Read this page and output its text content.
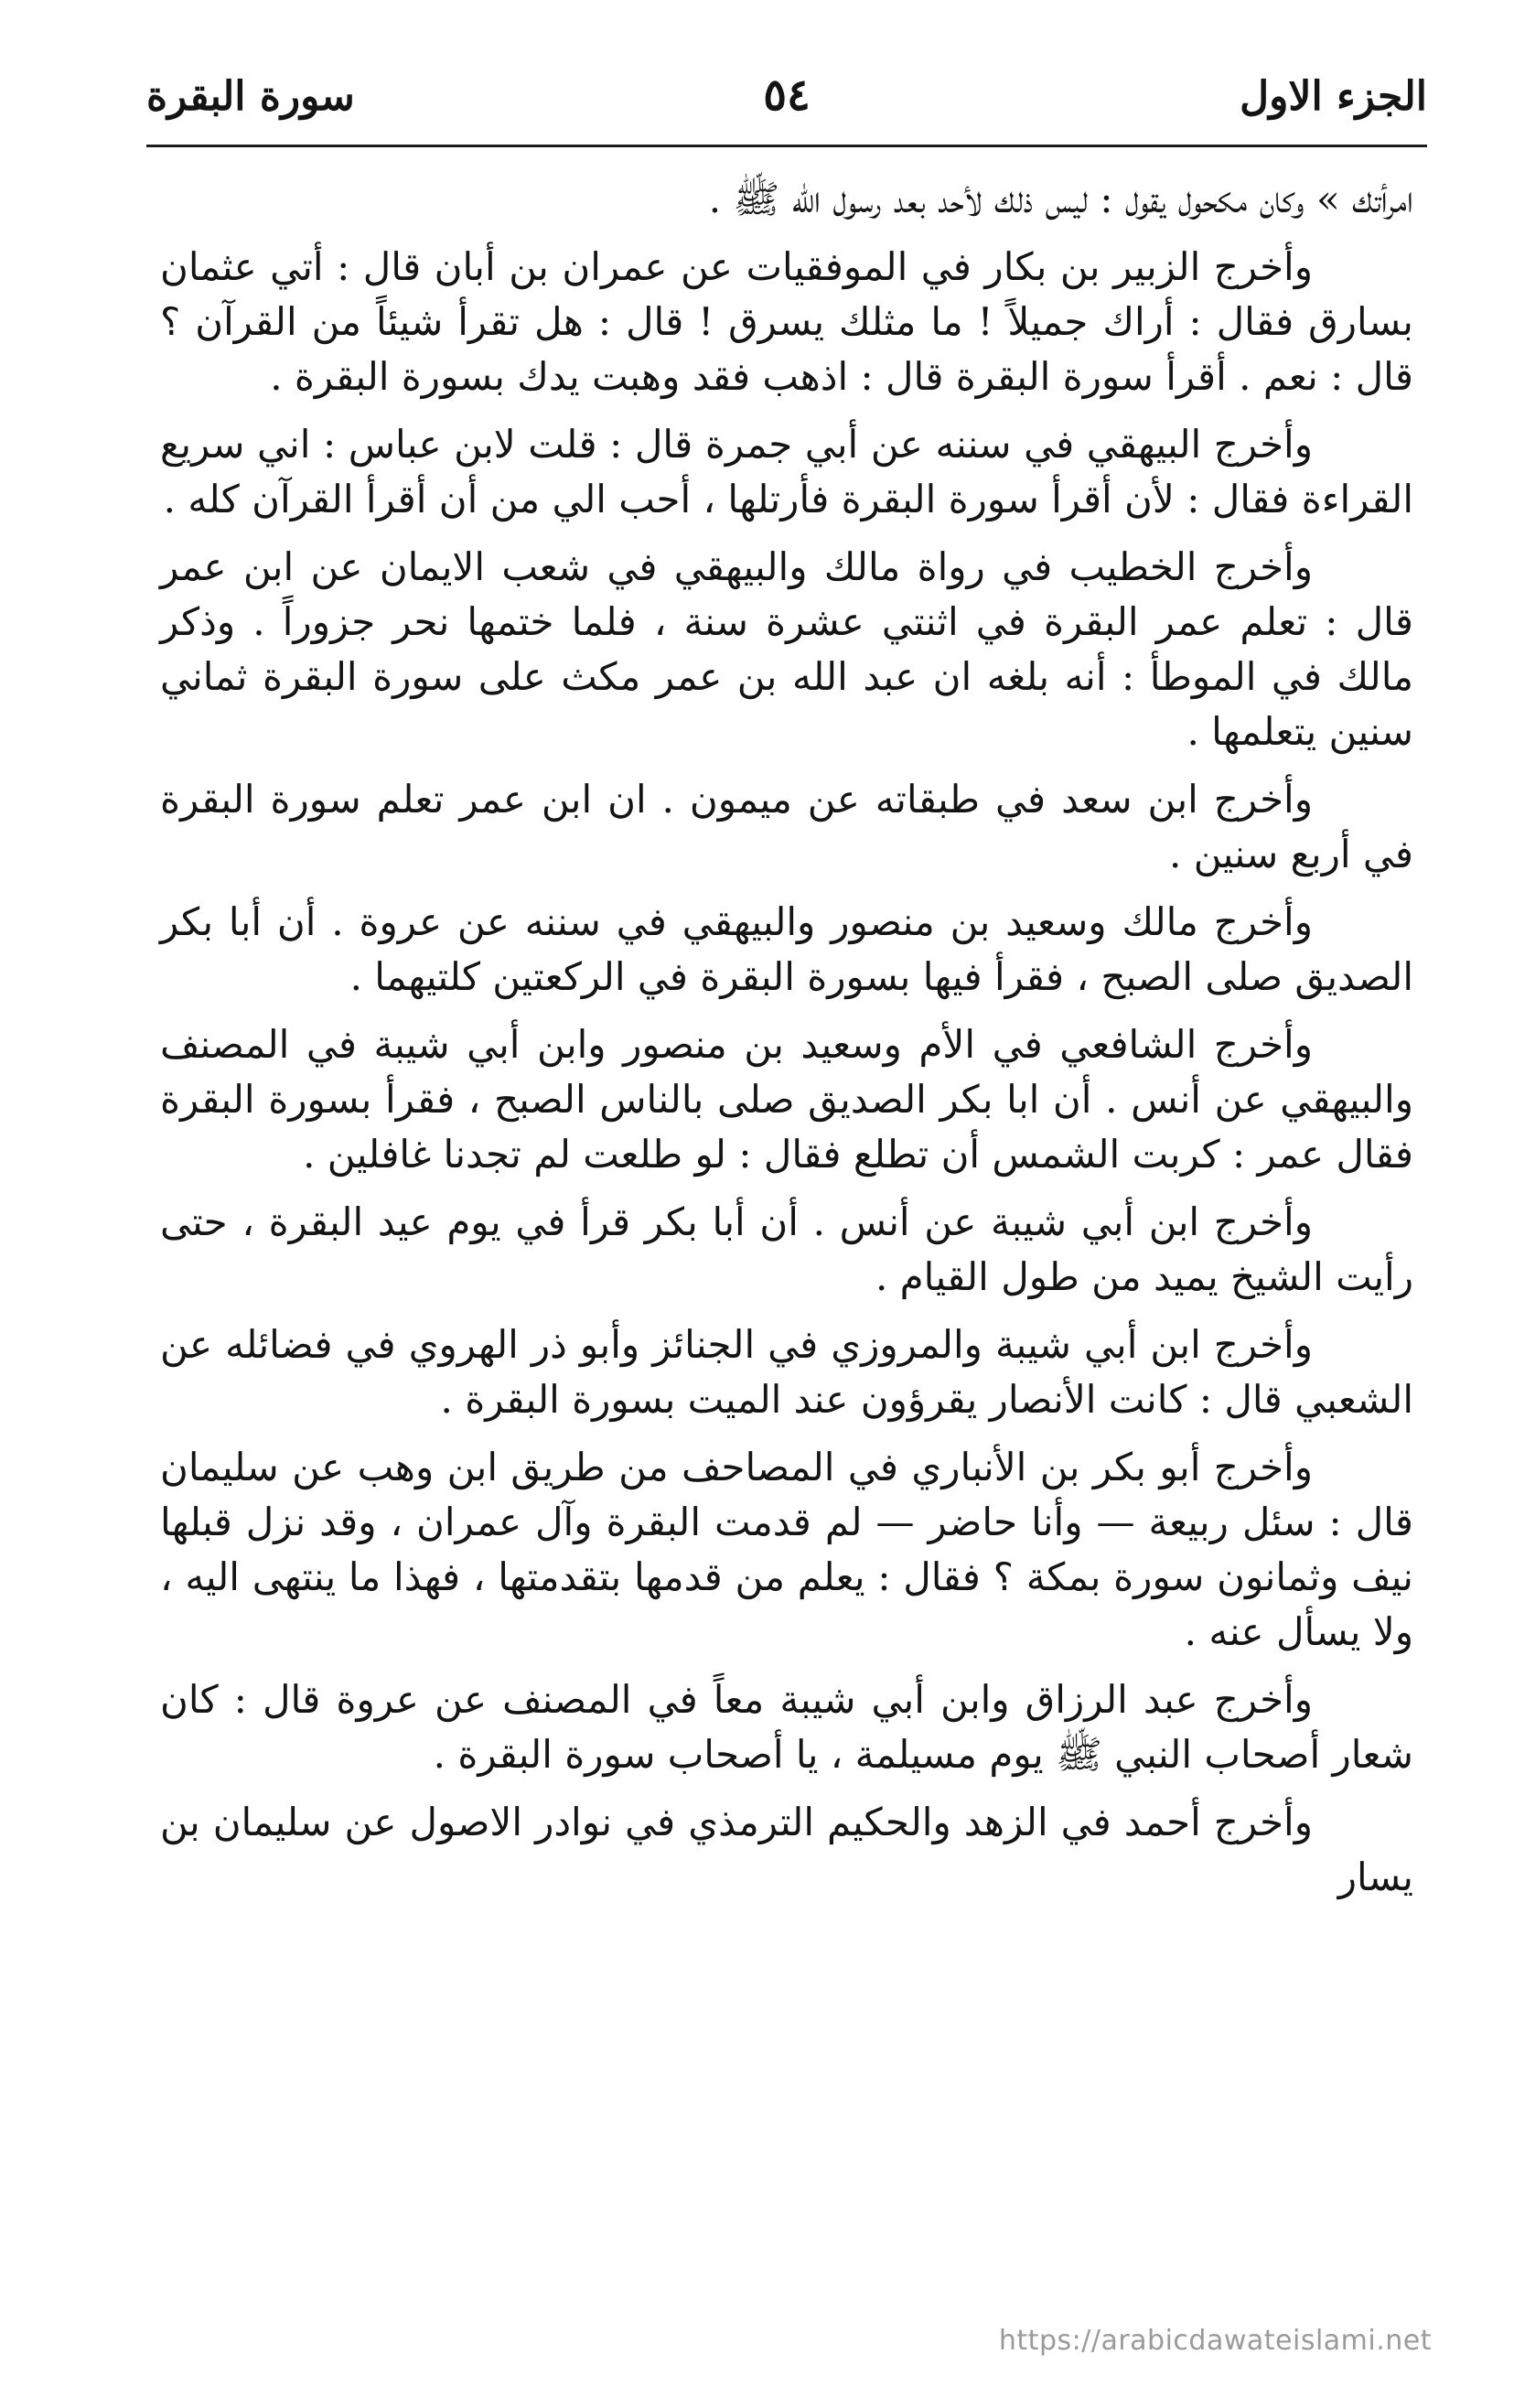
الجزء الاول
٥٤
سورة البقرة

امرأتك » وكان مكحول يقول : ليس ذلك لأحد بعد رسول الله ﷺ .

وأخرج الزبير بن بكار في الموفقيات عن عمران بن أبان قال : أتي عثمان بسارق فقال : أراك جميلاً ! ما مثلك يسرق ! قال : هل تقرأ شيئاً من القرآن ؟ قال : نعم . أقرأ سورة البقرة قال : اذهب فقد وهبت يدك بسورة البقرة .

وأخرج البيهقي في سننه عن أبي جمرة قال : قلت لابن عباس : اني سريع القراءة فقال : لأن أقرأ سورة البقرة فأرتلها ، أحب الي من أن أقرأ القرآن كله .

وأخرج الخطيب في رواة مالك والبيهقي في شعب الايمان عن ابن عمر قال : تعلم عمر البقرة في اثنتي عشرة سنة ، فلما ختمها نحر جزوراً . وذكر مالك في الموطأ : أنه بلغه ان عبد الله بن عمر مكث على سورة البقرة ثماني سنين يتعلمها .

وأخرج ابن سعد في طبقاته عن ميمون . ان ابن عمر تعلم سورة البقرة في أربع سنين .

وأخرج مالك وسعيد بن منصور والبيهقي في سننه عن عروة . أن أبا بكر الصديق صلى الصبح ، فقرأ فيها بسورة البقرة في الركعتين كلتيهما .

وأخرج الشافعي في الأم وسعيد بن منصور وابن أبي شيبة في المصنف والبيهقي عن أنس . أن ابا بكر الصديق صلى بالناس الصبح ، فقرأ بسورة البقرة فقال عمر : كربت الشمس أن تطلع فقال : لو طلعت لم تجدنا غافلين .

وأخرج ابن أبي شيبة عن أنس . أن أبا بكر قرأ في يوم عيد البقرة ، حتى رأيت الشيخ يميد من طول القيام .

وأخرج ابن أبي شيبة والمروزي في الجنائز وأبو ذر الهروي في فضائله عن الشعبي قال : كانت الأنصار يقرؤون عند الميت بسورة البقرة .

وأخرج أبو بكر بن الأنباري في المصاحف من طريق ابن وهب عن سليمان قال : سئل ربيعة — وأنا حاضر — لم قدمت البقرة وآل عمران ، وقد نزل قبلها نيف وثمانون سورة بمكة ؟ فقال : يعلم من قدمها بتقدمتها ، فهذا ما ينتهى اليه ، ولا يسأل عنه .

وأخرج عبد الرزاق وابن أبي شيبة معاً في المصنف عن عروة قال : كان شعار أصحاب النبي ﷺ يوم مسيلمة ، يا أصحاب سورة البقرة .

وأخرج أحمد في الزهد والحكيم الترمذي في نوادر الاصول عن سليمان بن يسار

https://arabicdawateislami.net
